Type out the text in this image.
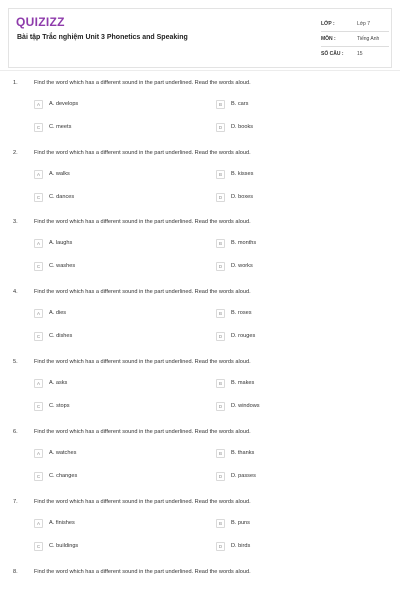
QUIZIZZ
Bài tập Trắc nghiệm Unit 3 Phonetics and Speaking
LỚP :	Lớp 7
MÔN :	Tiếng Anh
SỐ CÂU :	15
1.	Find the word which has a different sound in the part underlined. Read the words aloud.
A	A. develops	B	B. cars
C	C. meets	D	D. books
2.	Find the word which has a different sound in the part underlined. Read the words aloud.
A	A. walks	B	B. kisses
C	C. dances	D	D. boxes
3.	Find the word which has a different sound in the part underlined. Read the words aloud.
A	A. laughs	B	B. months
C	C. washes	D	D. works
4.	Find the word which has a different sound in the part underlined. Read the words aloud.
A	A. dies	B	B. roses
C	C. dishes	D	D. rouges
5.	Find the word which has a different sound in the part underlined. Read the words aloud.
A	A. asks	B	B. makes
C	C. stops	D	D. windows
6.	Find the word which has a different sound in the part underlined. Read the words aloud.
A	A. watches	B	B. thanks
C	C. changes	D	D. passes
7.	Find the word which has a different sound in the part underlined. Read the words aloud.
A	A. finishes	B	B. puns
C	C. buildings	D	D. birds
8.	Find the word which has a different sound in the part underlined. Read the words aloud.
